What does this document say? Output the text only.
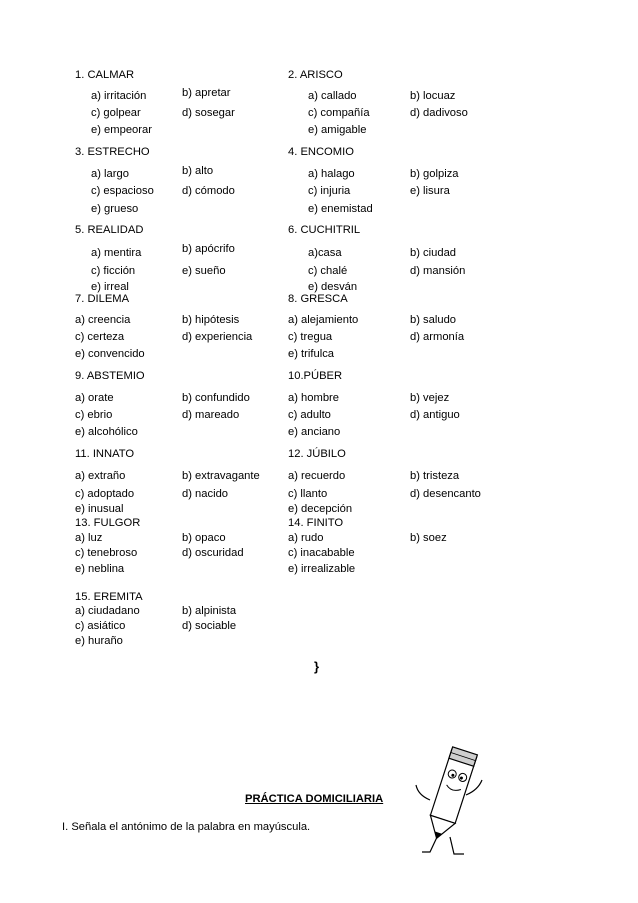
1. CALMAR
a) irritación	b) apretar
c) golpear	d) sosegar
e) empeorar
2. ARISCO
a) callado	b) locuaz
c) compañía	d) dadivoso
e) amigable
3. ESTRECHO
a) largo	b) alto
c) espacioso	d) cómodo
e) grueso
4. ENCOMIO
a) halago	b) golpiza
c) injuria	e) lisura
e) enemistad
5. REALIDAD
a) mentira	b) apócrifo
c) ficción	e) sueño
e) irreal
6. CUCHITRIL
a)casa	b) ciudad
c) chalé	d) mansión
e) desván
7. DILEMA
a) creencia	b) hipótesis
c) certeza	d) experiencia
e) convencido
8. GRESCA
a) alejamiento	b) saludo
c) tregua	d) armonía
e) trifulca
9. ABSTEMIO
a) orate	b) confundido
c) ebrio	d) mareado
e) alcohólico
10.PÚBER
a) hombre	b) vejez
c) adulto	d) antiguo
e) anciano
11. INNATO
a) extraño	b) extravagante
c) adoptado	d) nacido
e) inusual
12. JÚBILO
a) recuerdo	b) tristeza
c) llanto	d) desencanto
e) decepción
13. FULGOR
a) luz	b) opaco
c) tenebroso	d) oscuridad
e) neblina
14. FINITO
a) rudo	b) soez
c) inacabable
e) irrealizable
15. EREMITA
a) ciudadano	b) alpinista
c) asiático	d) sociable
e) huraño
}
PRÁCTICA DOMICILIARIA
I. Señala el antónimo de la palabra en mayúscula.
